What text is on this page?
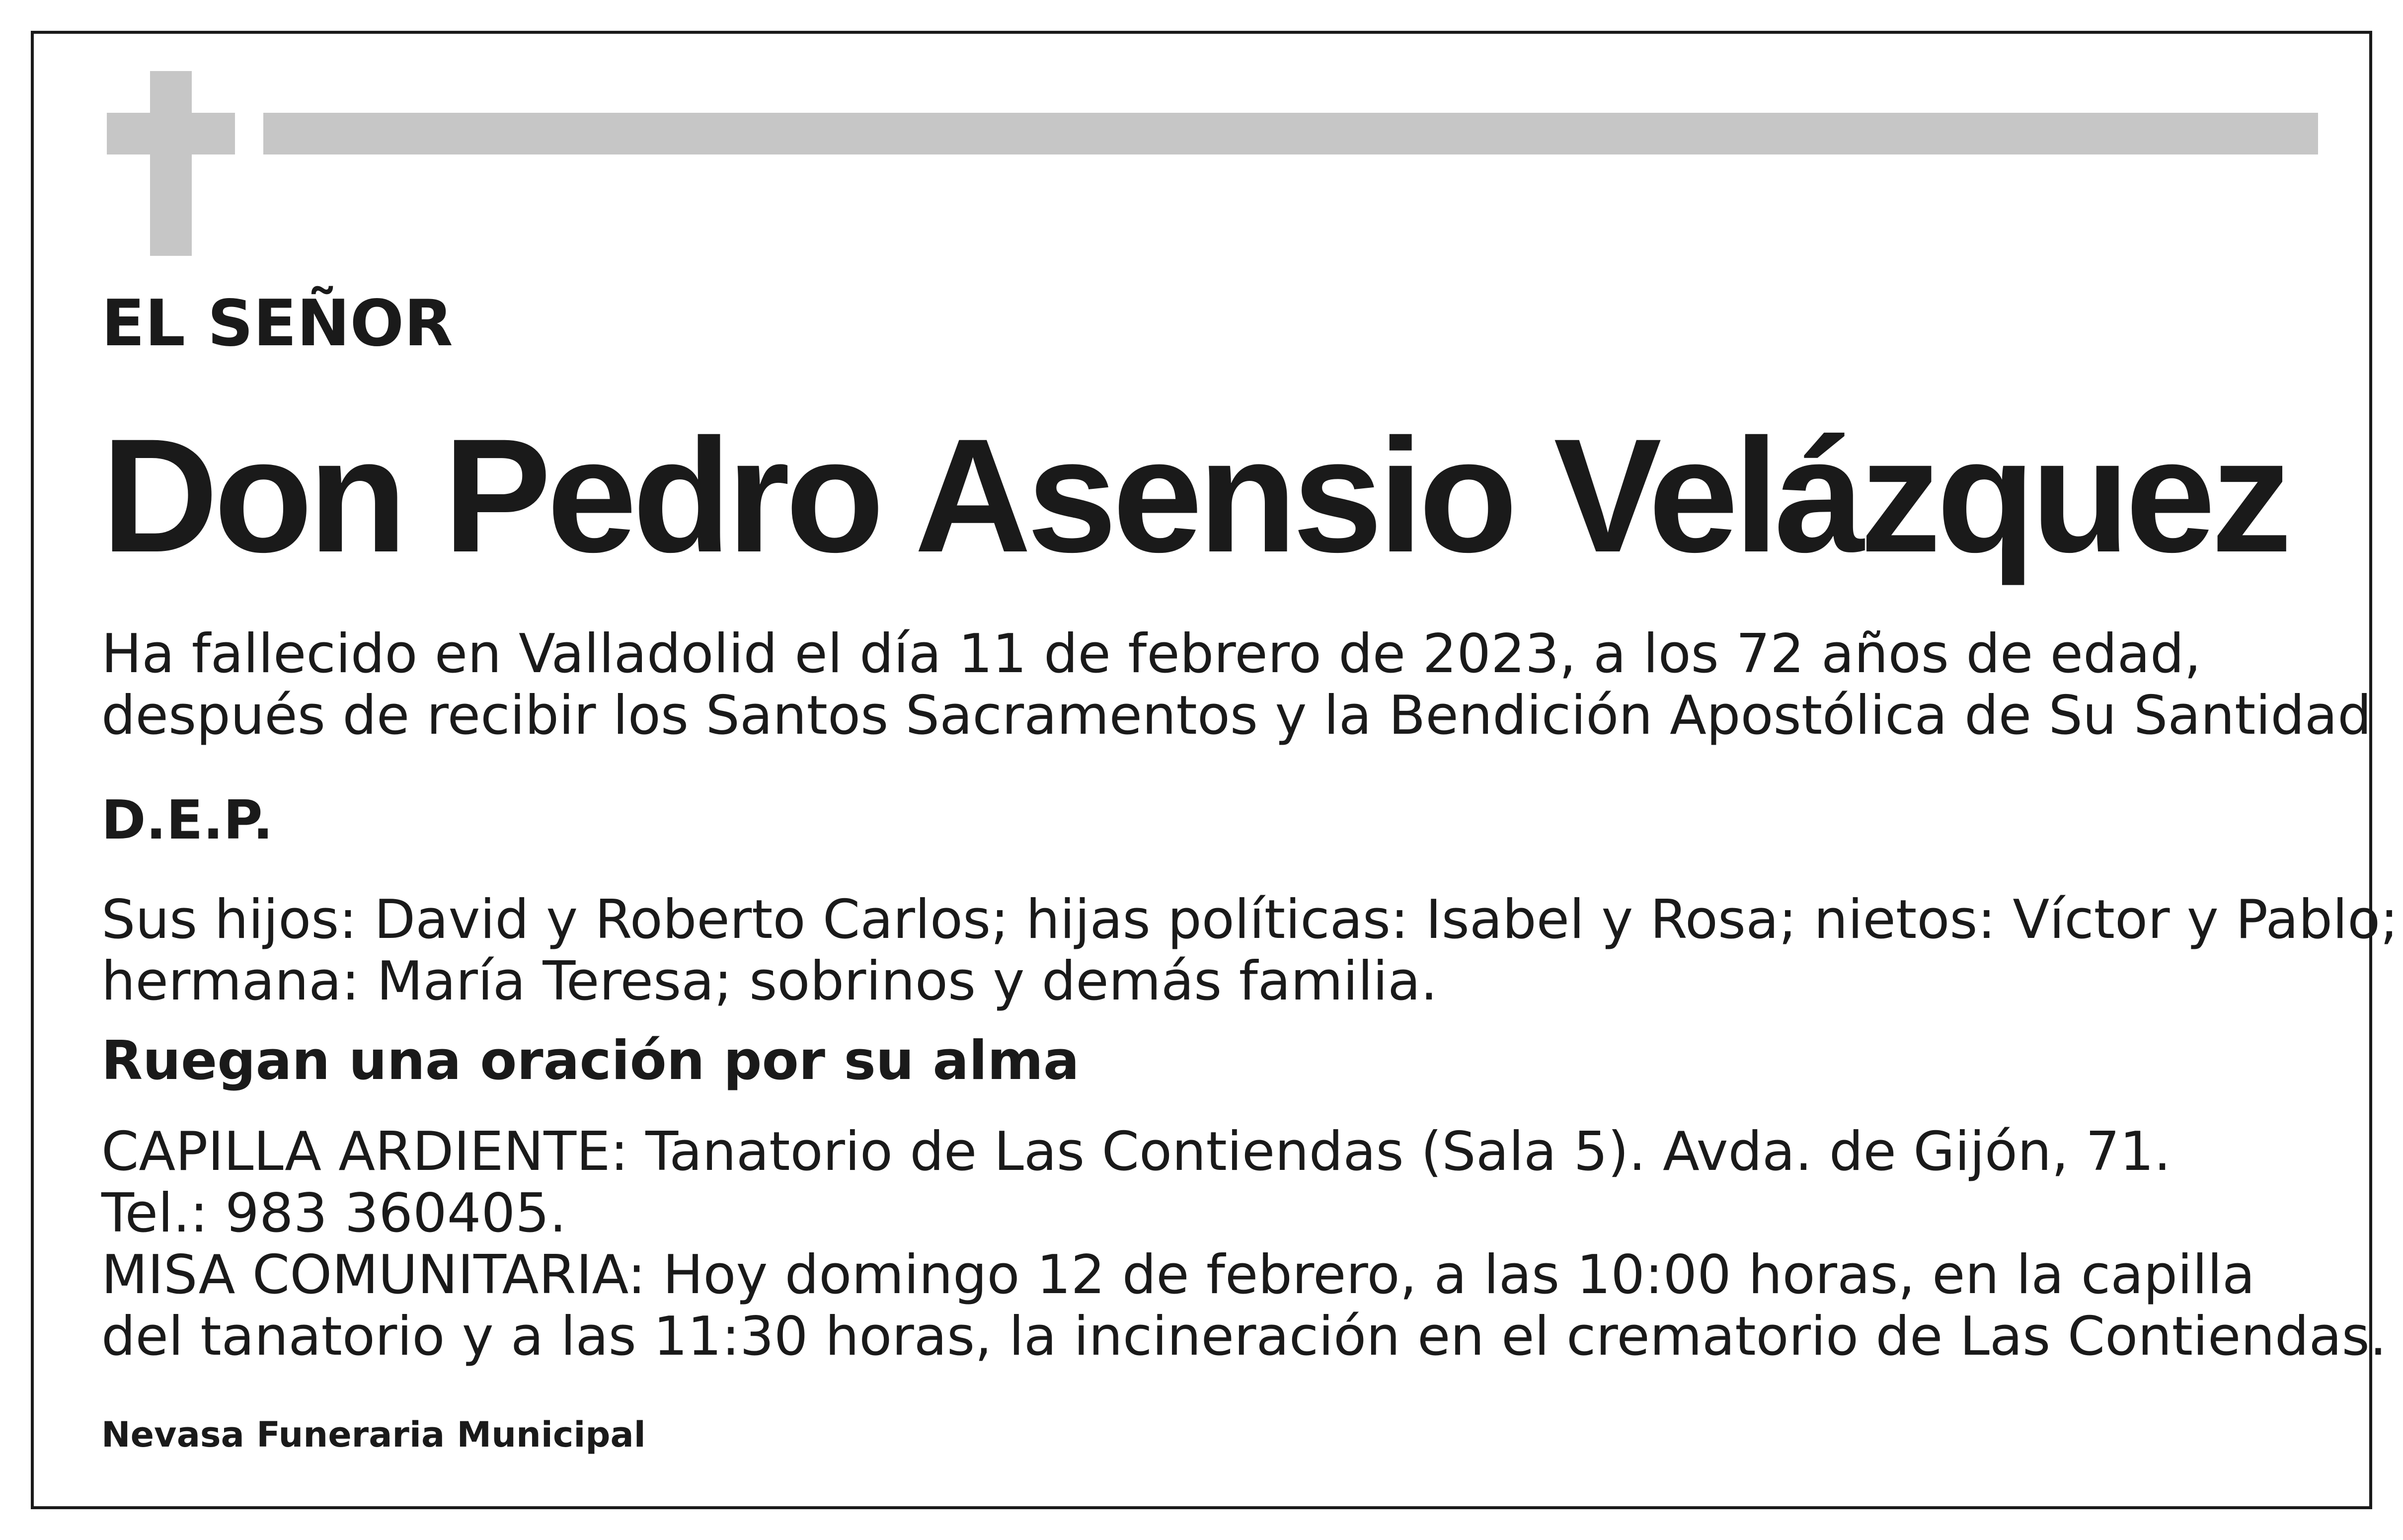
EL SEÑOR
Don Pedro Asensio Velázquez

Ha fallecido en Valladolid el día 11 de febrero de 2023, a los 72 años de edad,
después de recibir los Santos Sacramentos y la Bendición Apostólica de Su Santidad

D.E.P.

Sus hijos: David y Roberto Carlos; hijas políticas: Isabel y Rosa; nietos: Víctor y Pablo;
hermana: María Teresa; sobrinos y demás familia.

Ruegan una oración por su alma

CAPILLA ARDIENTE: Tanatorio de Las Contiendas (Sala 5). Avda. de Gijón, 71.
Tel.: 983 360405.
MISA COMUNITARIA: Hoy domingo 12 de febrero, a las 10:00 horas, en la capilla
del tanatorio y a las 11:30 horas, la incineración en el crematorio de Las Contiendas.

Nevasa Funeraria Municipal
